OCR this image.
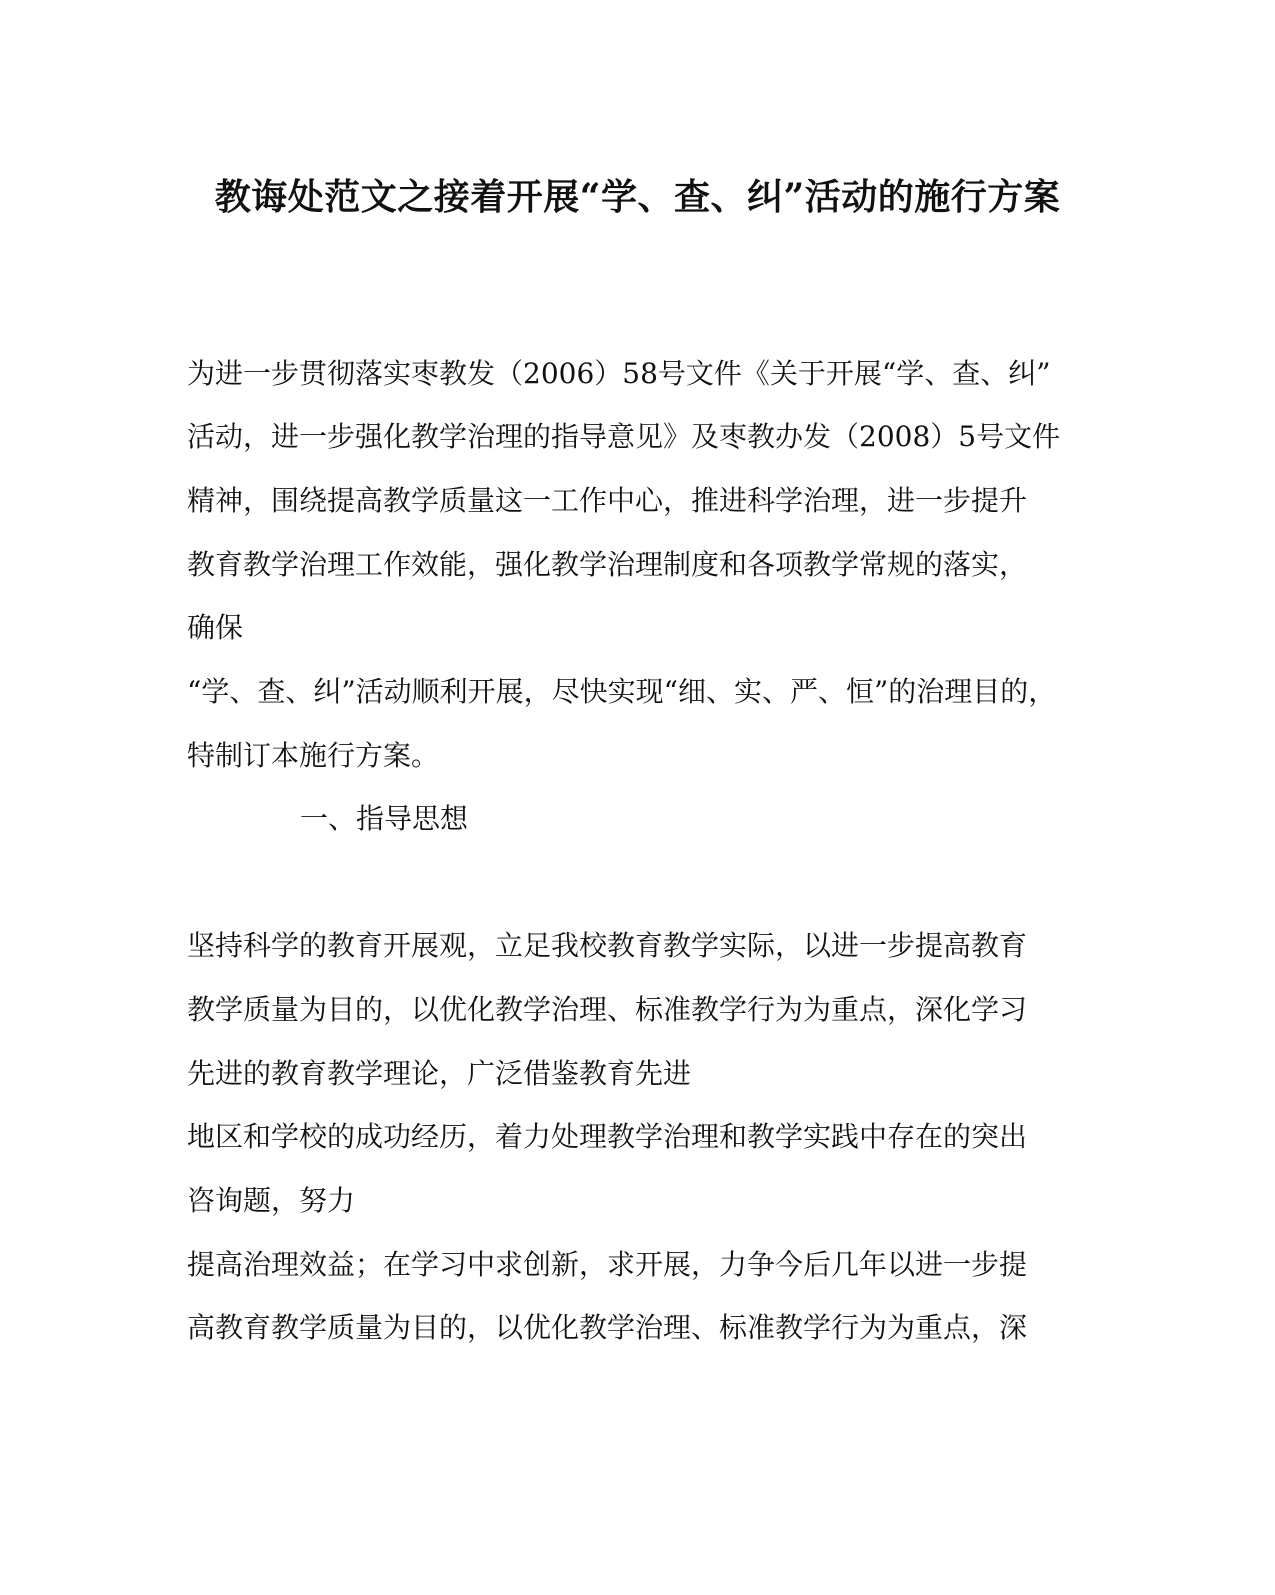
教诲处范文之接着开展“学、查、纠”活动的施行方案
为进一步贯彻落实枣教发（2006）58号文件《关于开展“学、查、纠”
活动，进一步强化教学治理的指导意见》及枣教办发（2008）5号文件
精神，围绕提高教学质量这一工作中心，推进科学治理，进一步提升
教育教学治理工作效能，强化教学治理制度和各项教学常规的落实，
确保
“学、查、纠”活动顺利开展，尽快实现“细、实、严、恒”的治理目的，
特制订本施行方案。
一、指导思想
坚持科学的教育开展观，立足我校教育教学实际，以进一步提高教育
教学质量为目的，以优化教学治理、标准教学行为为重点，深化学习
先进的教育教学理论，广泛借鉴教育先进
地区和学校的成功经历，着力处理教学治理和教学实践中存在的突出
咨询题，努力
提高治理效益；在学习中求创新，求开展，力争今后几年以进一步提
高教育教学质量为目的，以优化教学治理、标准教学行为为重点，深
